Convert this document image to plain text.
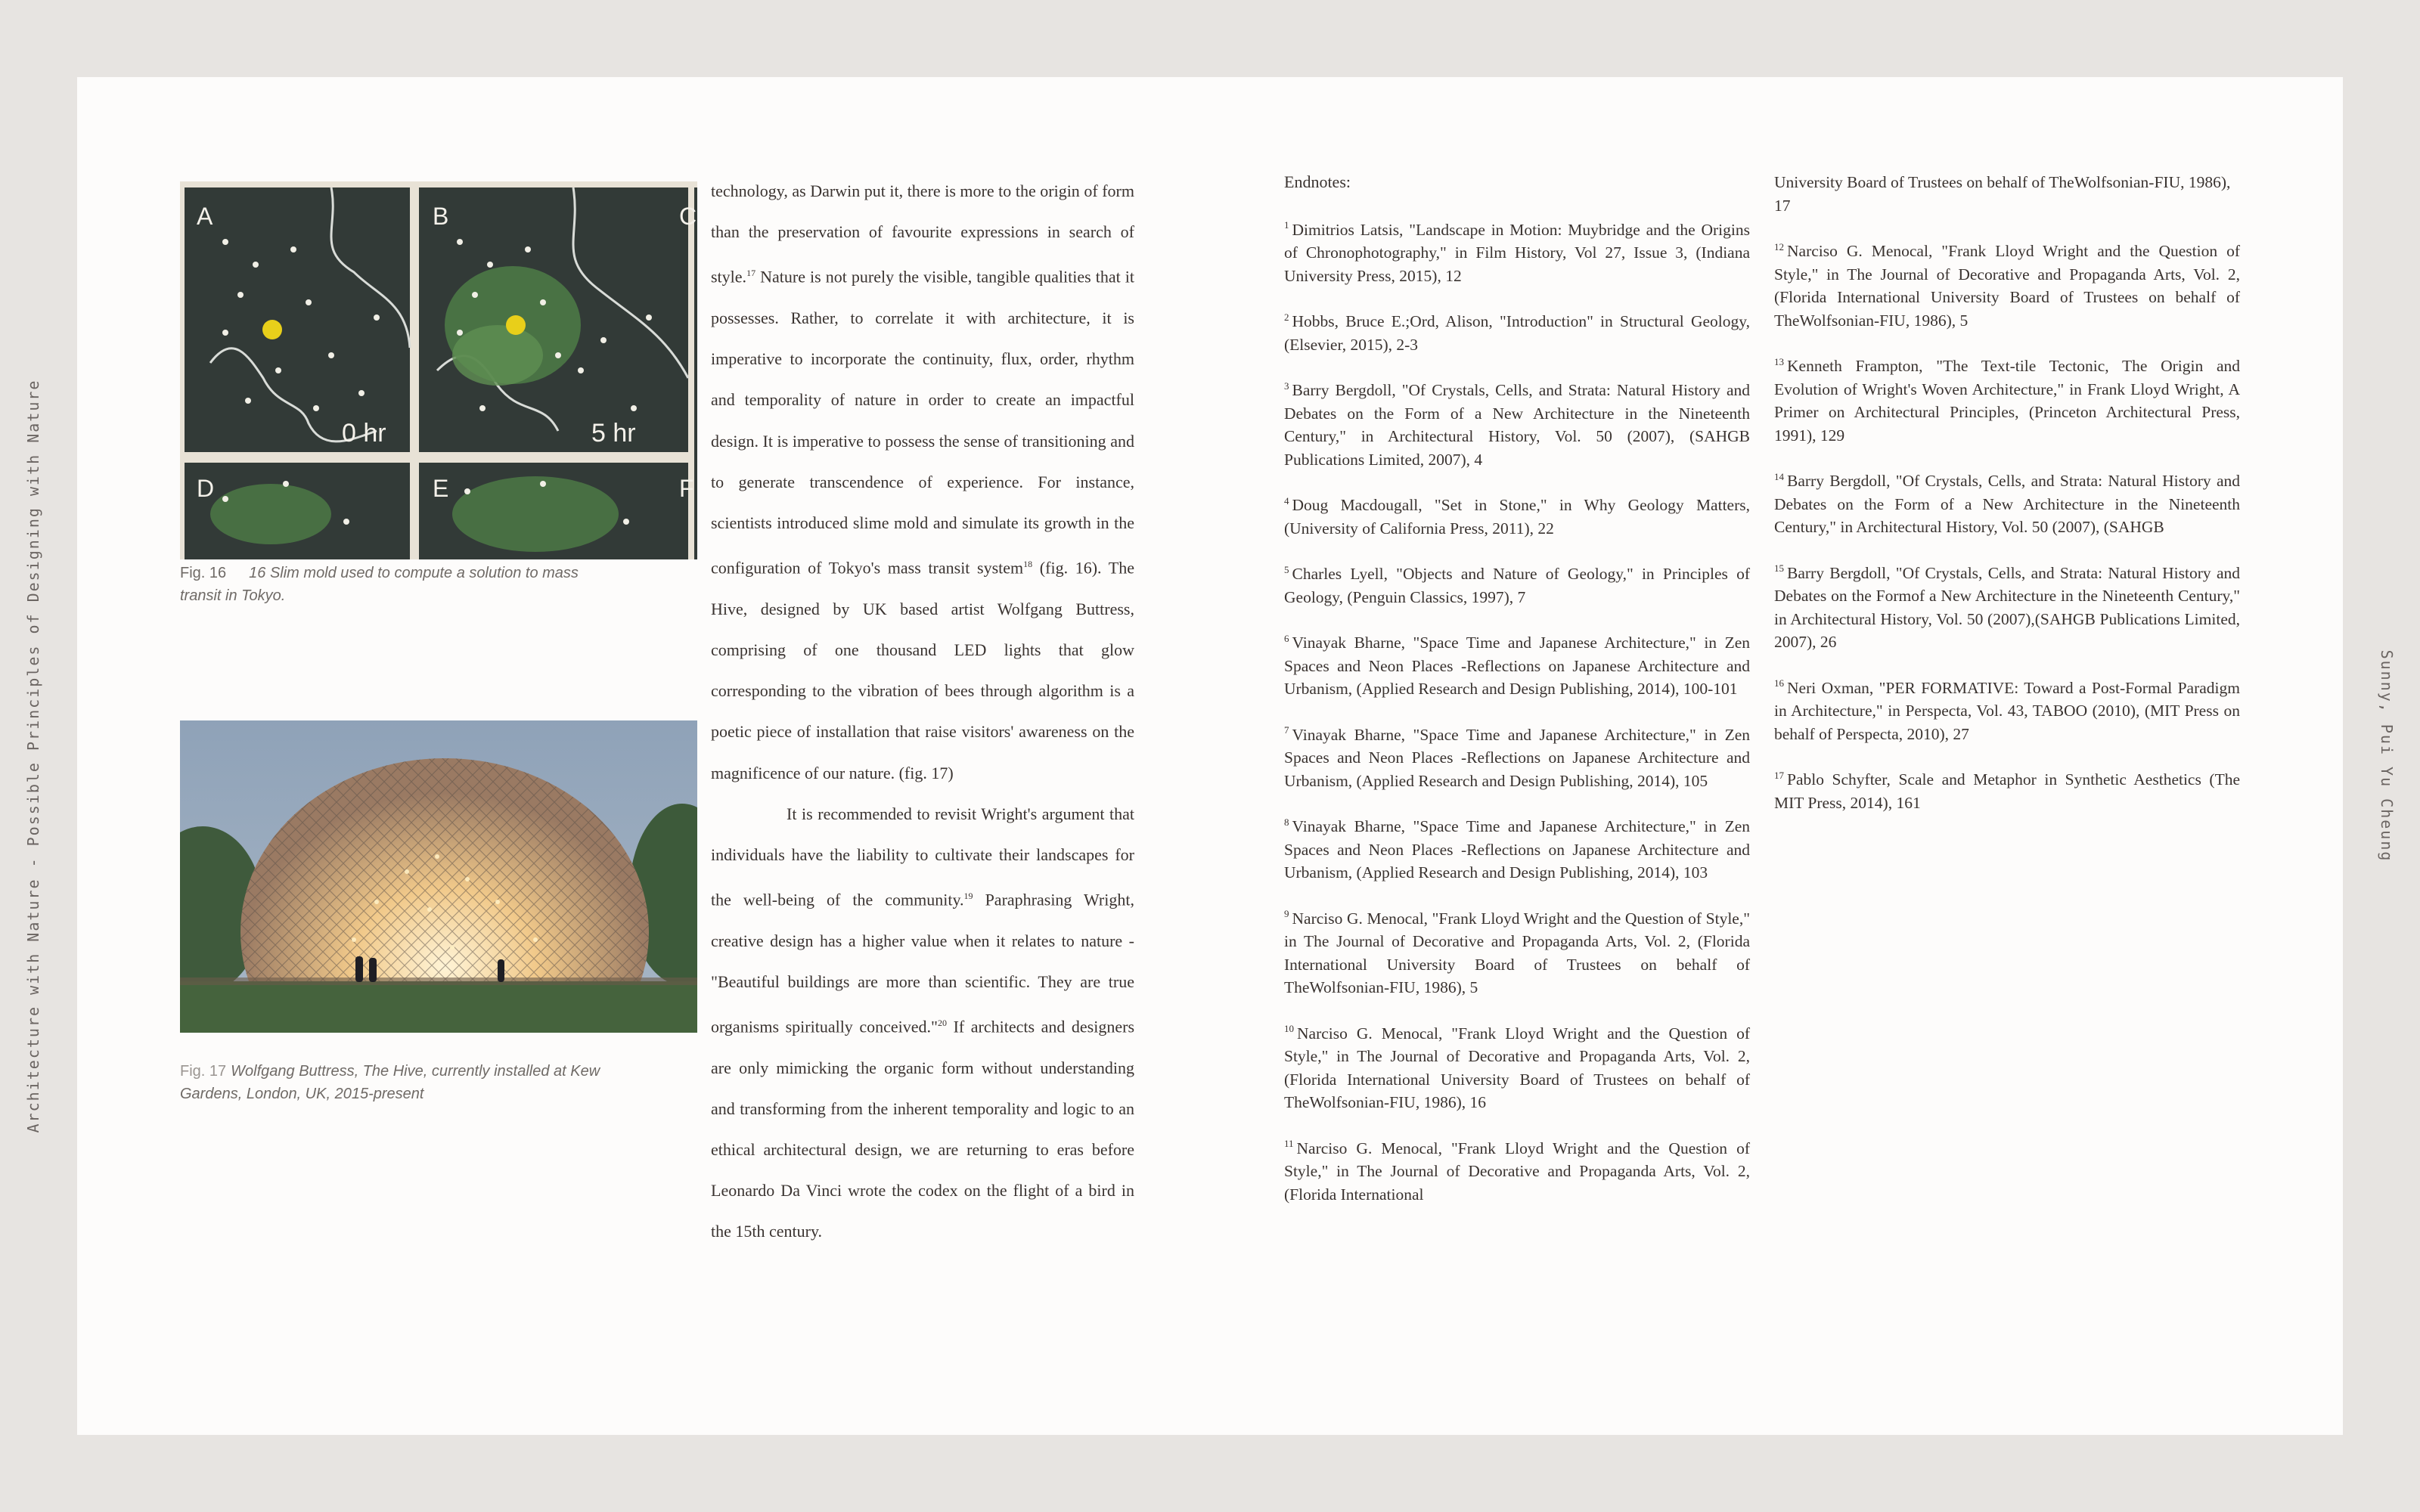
Architecture with Nature - Possible Principles of Designing with Nature	Sunny, Pui Yu Cheung
A	B	C
D	E	F
0 hr	5 hr
Fig. 16 16 Slim mold used to compute a solution to mass transit in Tokyo.
Fig. 17 Wolfgang Buttress, The Hive, currently installed at Kew Gardens, London, UK, 2015-present

technology, as Darwin put it, there is more to the origin of form than the preservation of favourite expressions in search of style.$^{17}$ Nature is not purely the visible, tangible qualities that it possesses. Rather, to correlate it with architecture, it is imperative to incorporate the continuity, flux, order, rhythm and temporality of nature in order to create an impactful design. It is imperative to possess the sense of transitioning and to generate transcendence of experience. For instance, scientists introduced slime mold and simulate its growth in the configuration of Tokyo's mass transit system$^{18}$ (fig. 16). The Hive, designed by UK based artist Wolfgang Buttress, comprising of one thousand LED lights that glow corresponding to the vibration of bees through algorithm is a poetic piece of installation that raise visitors' awareness on the magnificence of our nature. (fig. 17)

It is recommended to revisit Wright's argument that individuals have the liability to cultivate their landscapes for the well-being of the community.$^{19}$ Paraphrasing Wright, creative design has a higher value when it relates to nature - "Beautiful buildings are more than scientific. They are true organisms spiritually conceived."$^{20}$ If architects and designers are only mimicking the organic form without understanding and transforming from the inherent temporality and logic to an ethical architectural design, we are returning to eras before Leonardo Da Vinci wrote the codex on the flight of a bird in the 15th century.

Endnotes:

$^1$ Dimitrios Latsis, "Landscape in Motion: Muybridge and the Origins of Chronophotography," in Film History, Vol 27, Issue 3, (Indiana University Press, 2015), 12

$^2$ Hobbs, Bruce E.;Ord, Alison, "Introduction" in Structural Geology, (Elsevier, 2015), 2-3

$^3$ Barry Bergdoll, "Of Crystals, Cells, and Strata: Natural History and Debates on the Form of a New Architecture in the Nineteenth Century," in Architectural History, Vol. 50 (2007), (SAHGB Publications Limited, 2007), 4

$^4$ Doug Macdougall, "Set in Stone," in Why Geology Matters, (University of California Press, 2011), 22

$^5$ Charles Lyell, "Objects and Nature of Geology," in Principles of Geology, (Penguin Classics, 1997), 7

$^6$ Vinayak Bharne, "Space Time and Japanese Architecture," in Zen Spaces and Neon Places -Reflections on Japanese Architecture and Urbanism, (Applied Research and Design Publishing, 2014), 100-101

$^7$ Vinayak Bharne, "Space Time and Japanese Architecture," in Zen Spaces and Neon Places -Reflections on Japanese Architecture and Urbanism, (Applied Research and Design Publishing, 2014), 105

$^8$ Vinayak Bharne, "Space Time and Japanese Architecture," in Zen Spaces and Neon Places -Reflections on Japanese Architecture and Urbanism, (Applied Research and Design Publishing, 2014), 103

$^9$ Narciso G. Menocal, "Frank Lloyd Wright and the Question of Style," in The Journal of Decorative and Propaganda Arts, Vol. 2, (Florida International University Board of Trustees on behalf of TheWolfsonian-FIU, 1986), 5

$^{10}$ Narciso G. Menocal, "Frank Lloyd Wright and the Question of Style," in The Journal of Decorative and Propaganda Arts, Vol. 2, (Florida International University Board of Trustees on behalf of TheWolfsonian-FIU, 1986), 16

$^{11}$ Narciso G. Menocal, "Frank Lloyd Wright and the Question of Style," in The Journal of Decorative and Propaganda Arts, Vol. 2, (Florida International

University Board of Trustees on behalf of TheWolfsonian-FIU, 1986), 17

$^{12}$ Narciso G. Menocal, "Frank Lloyd Wright and the Question of Style," in The Journal of Decorative and Propaganda Arts, Vol. 2, (Florida International University Board of Trustees on behalf of TheWolfsonian-FIU, 1986), 5

$^{13}$ Kenneth Frampton, "The Text-tile Tectonic, The Origin and Evolution of Wright's Woven Architecture," in Frank Lloyd Wright, A Primer on Architectural Principles, (Princeton Architectural Press, 1991), 129

$^{14}$ Barry Bergdoll, "Of Crystals, Cells, and Strata: Natural History and Debates on the Form of a New Architecture in the Nineteenth Century," in Architectural History, Vol. 50 (2007), (SAHGB

$^{15}$ Barry Bergdoll, "Of Crystals, Cells, and Strata: Natural History and Debates on the Formof a New Architecture in the Nineteenth Century," in Architectural History, Vol. 50 (2007),(SAHGB Publications Limited, 2007), 26

$^{16}$ Neri Oxman, "PER FORMATIVE: Toward a Post-Formal Paradigm in Architecture," in Perspecta, Vol. 43, TABOO (2010), (MIT Press on behalf of Perspecta, 2010), 27

$^{17}$ Pablo Schyfter, Scale and Metaphor in Synthetic Aesthetics (The MIT Press, 2014), 161
